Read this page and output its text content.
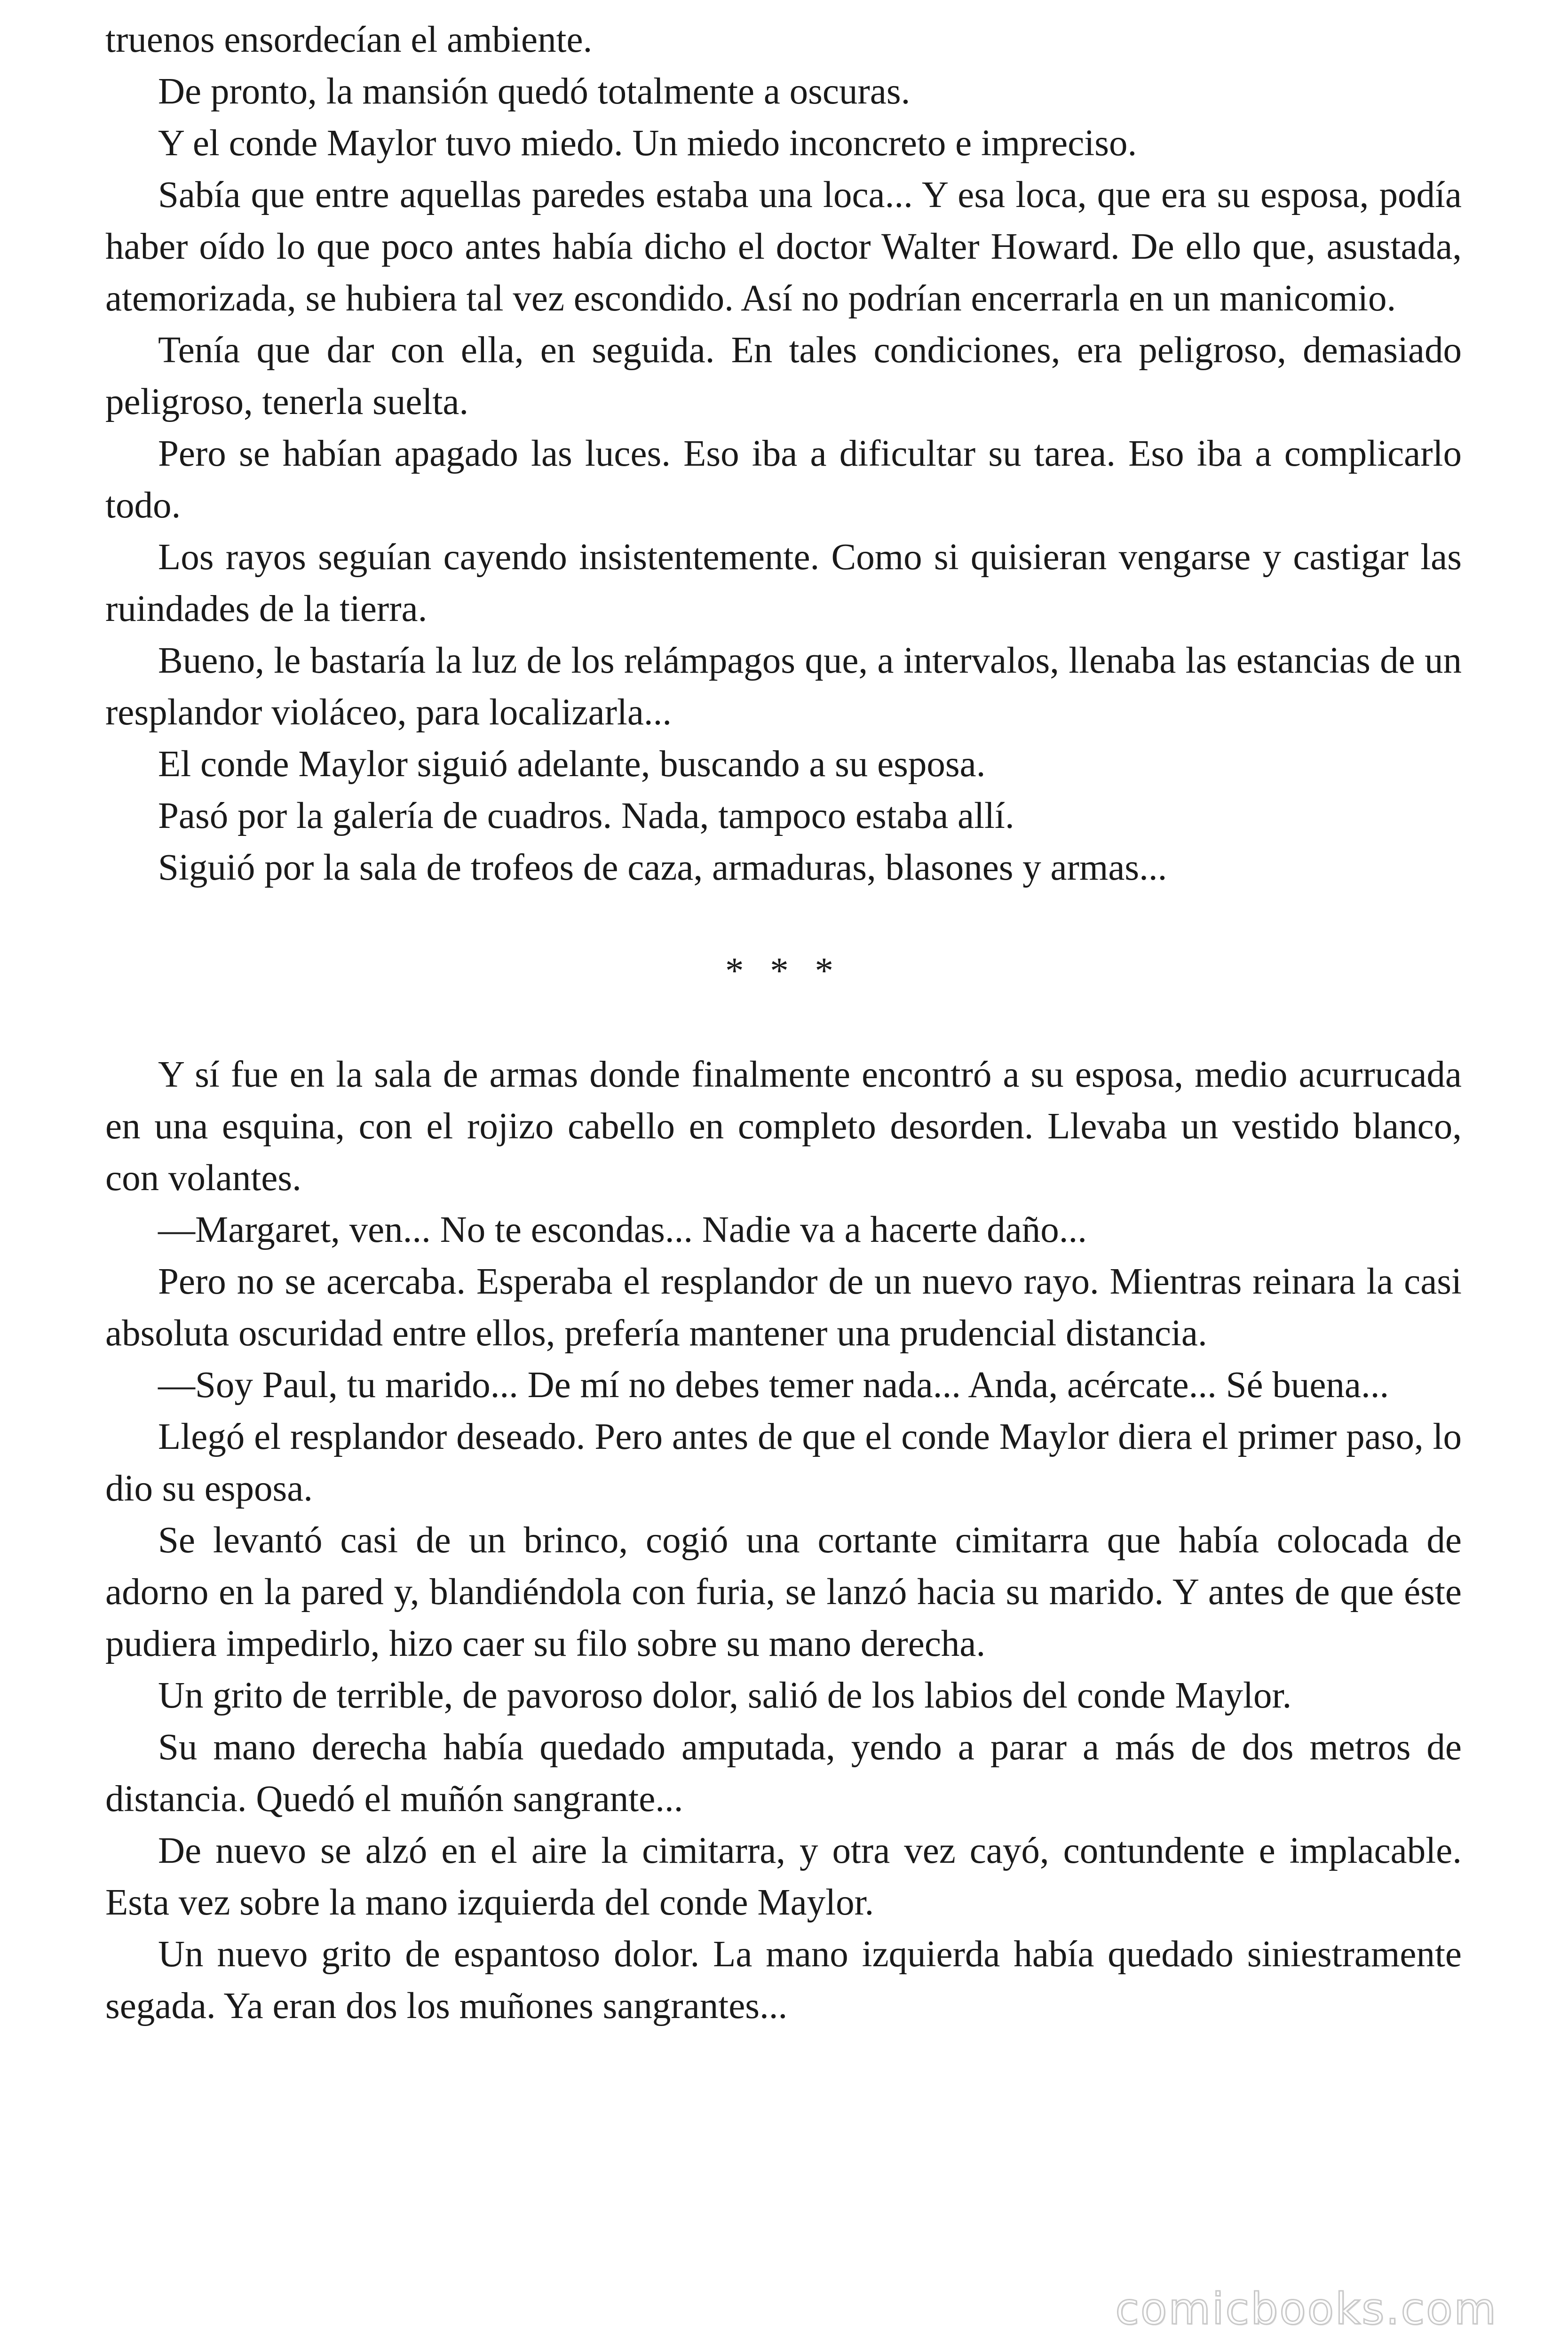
truenos ensordecían el ambiente.

De pronto, la mansión quedó totalmente a oscuras.

Y el conde Maylor tuvo miedo. Un miedo inconcreto e impreciso.

Sabía que entre aquellas paredes estaba una loca... Y esa loca, que era su esposa, podía haber oído lo que poco antes había dicho el doctor Walter Howard. De ello que, asustada, atemorizada, se hubiera tal vez escondido. Así no podrían encerrarla en un manicomio.

Tenía que dar con ella, en seguida. En tales condiciones, era peligroso, demasiado peligroso, tenerla suelta.

Pero se habían apagado las luces. Eso iba a dificultar su tarea. Eso iba a complicarlo todo.

Los rayos seguían cayendo insistentemente. Como si quisieran vengarse y castigar las ruindades de la tierra.

Bueno, le bastaría la luz de los relámpagos que, a intervalos, llenaba las estancias de un resplandor violáceo, para localizarla...

El conde Maylor siguió adelante, buscando a su esposa.

Pasó por la galería de cuadros. Nada, tampoco estaba allí.

Siguió por la sala de trofeos de caza, armaduras, blasones y armas...

* * *

Y sí fue en la sala de armas donde finalmente encontró a su esposa, medio acurrucada en una esquina, con el rojizo cabello en completo desorden. Llevaba un vestido blanco, con volantes.

—Margaret, ven... No te escondas... Nadie va a hacerte daño...

Pero no se acercaba. Esperaba el resplandor de un nuevo rayo. Mientras reinara la casi absoluta oscuridad entre ellos, prefería mantener una prudencial distancia.

—Soy Paul, tu marido... De mí no debes temer nada... Anda, acércate... Sé buena...

Llegó el resplandor deseado. Pero antes de que el conde Maylor diera el primer paso, lo dio su esposa.

Se levantó casi de un brinco, cogió una cortante cimitarra que había colocada de adorno en la pared y, blandiéndola con furia, se lanzó hacia su marido. Y antes de que éste pudiera impedirlo, hizo caer su filo sobre su mano derecha.

Un grito de terrible, de pavoroso dolor, salió de los labios del conde Maylor.

Su mano derecha había quedado amputada, yendo a parar a más de dos metros de distancia. Quedó el muñón sangrante...

De nuevo se alzó en el aire la cimitarra, y otra vez cayó, contundente e implacable. Esta vez sobre la mano izquierda del conde Maylor.

Un nuevo grito de espantoso dolor. La mano izquierda había quedado siniestramente segada. Ya eran dos los muñones sangrantes...

comicbooks.com
